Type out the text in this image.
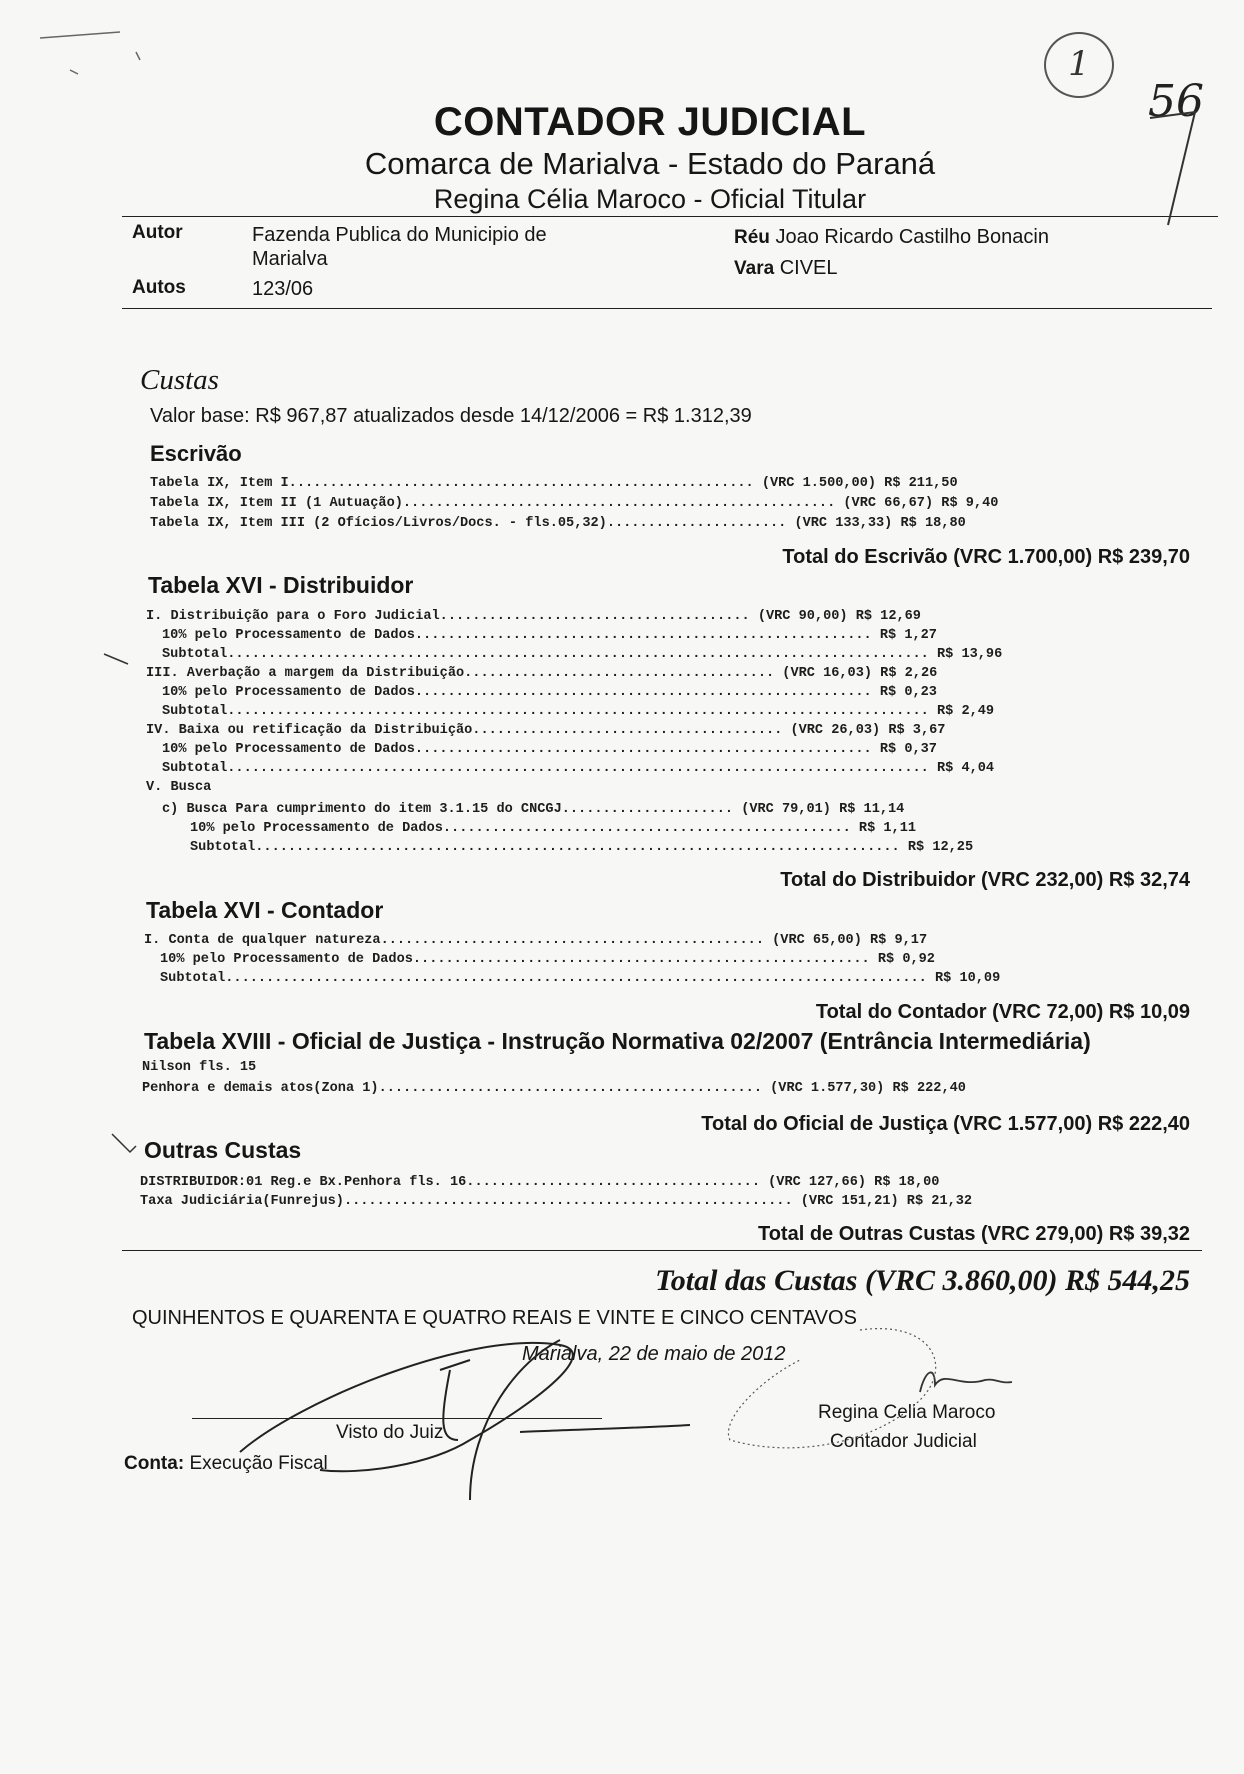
CONTADOR JUDICIAL
Comarca de Marialva - Estado do Paraná
Regina Célia Maroco - Oficial Titular
1
56
Autor	Fazenda Publica do Municipio de
Marialva
Autos	123/06
Réu Joao Ricardo Castilho Bonacin
Vara CIVEL
Custas
Valor base: R$ 967,87 atualizados desde 14/12/2006 = R$ 1.312,39
Escrivão
Tabela IX, Item I......................................................... (VRC 1.500,00) R$ 211,50
Tabela IX, Item II (1 Autuação)..................................................... (VRC 66,67) R$ 9,40
Tabela IX, Item III (2 Ofícios/Livros/Docs. - fls.05,32)...................... (VRC 133,33) R$ 18,80
Total do Escrivão (VRC 1.700,00) R$ 239,70
Tabela XVI - Distribuidor
I. Distribuição para o Foro Judicial...................................... (VRC 90,00) R$ 12,69
10% pelo Processamento de Dados........................................................ R$ 1,27
Subtotal...................................................................................... R$ 13,96
III. Averbação a margem da Distribuição...................................... (VRC 16,03) R$ 2,26
10% pelo Processamento de Dados........................................................ R$ 0,23
Subtotal...................................................................................... R$ 2,49
IV. Baixa ou retificação da Distribuição...................................... (VRC 26,03) R$ 3,67
10% pelo Processamento de Dados........................................................ R$ 0,37
Subtotal...................................................................................... R$ 4,04
V. Busca
c) Busca Para cumprimento do item 3.1.15 do CNCGJ..................... (VRC 79,01) R$ 11,14
10% pelo Processamento de Dados.................................................. R$ 1,11
Subtotal............................................................................... R$ 12,25
Total do Distribuidor (VRC 232,00) R$ 32,74
Tabela XVI - Contador
I. Conta de qualquer natureza............................................... (VRC 65,00) R$ 9,17
10% pelo Processamento de Dados........................................................ R$ 0,92
Subtotal...................................................................................... R$ 10,09
Total do Contador (VRC 72,00) R$ 10,09
Tabela XVIII - Oficial de Justiça - Instrução Normativa 02/2007 (Entrância Intermediária)
Nilson fls. 15
Penhora e demais atos(Zona 1)............................................... (VRC 1.577,30) R$ 222,40
Total do Oficial de Justiça (VRC 1.577,00) R$ 222,40
Outras Custas
DISTRIBUIDOR:01 Reg.e Bx.Penhora fls. 16.................................... (VRC 127,66) R$ 18,00
Taxa Judiciária(Funrejus)....................................................... (VRC 151,21) R$ 21,32
Total de Outras Custas (VRC 279,00) R$ 39,32
Total das Custas (VRC 3.860,00) R$ 544,25
QUINHENTOS E QUARENTA E QUATRO REAIS E VINTE E CINCO CENTAVOS
Marialva, 22 de maio de 2012
Visto do Juiz
Regina Celia Maroco
Contador Judicial
Conta: Execução Fiscal
